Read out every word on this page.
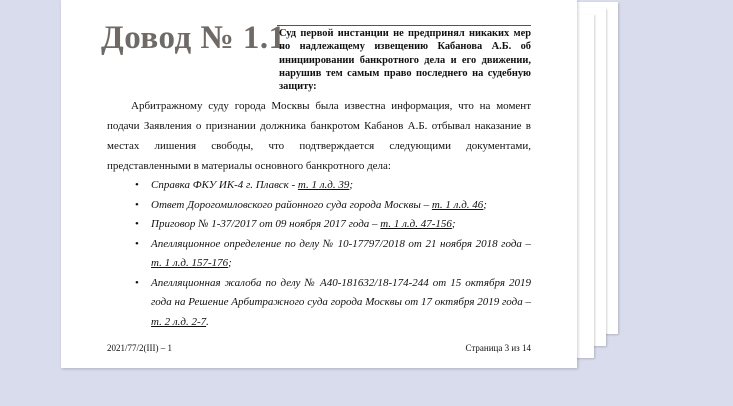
Довод № 1.1
Суд первой инстанции не предпринял никаких мер по надлежащему извещению Кабанова А.Б. об инициировании банкротного дела и его движении, нарушив тем самым право последнего на судебную защиту:

Арбитражному суду города Москвы была известна информация, что на момент подачи Заявления о признании должника банкротом Кабанов А.Б. отбывал наказание в местах лишения свободы, что подтверждается следующими документами, представленными в материалы основного банкротного дела:

• Справка ФКУ ИК-4 г. Плавск - т. 1 л.д. 39;
• Ответ Дорогомиловского районного суда города Москвы – т. 1 л.д. 46;
• Приговор № 1-37/2017 от 09 ноября 2017 года – т. 1 л.д. 47-156;
• Апелляционное определение по делу № 10-17797/2018 от 21 ноября 2018 года – т. 1 л.д. 157-176;
• Апелляционная жалоба по делу № А40-181632/18-174-244 от 15 октября 2019 года на Решение Арбитражного суда города Москвы от 17 октября 2019 года – т. 2 л.д. 2-7.
2021/77/2(III) – 1	Страница 3 из 14
